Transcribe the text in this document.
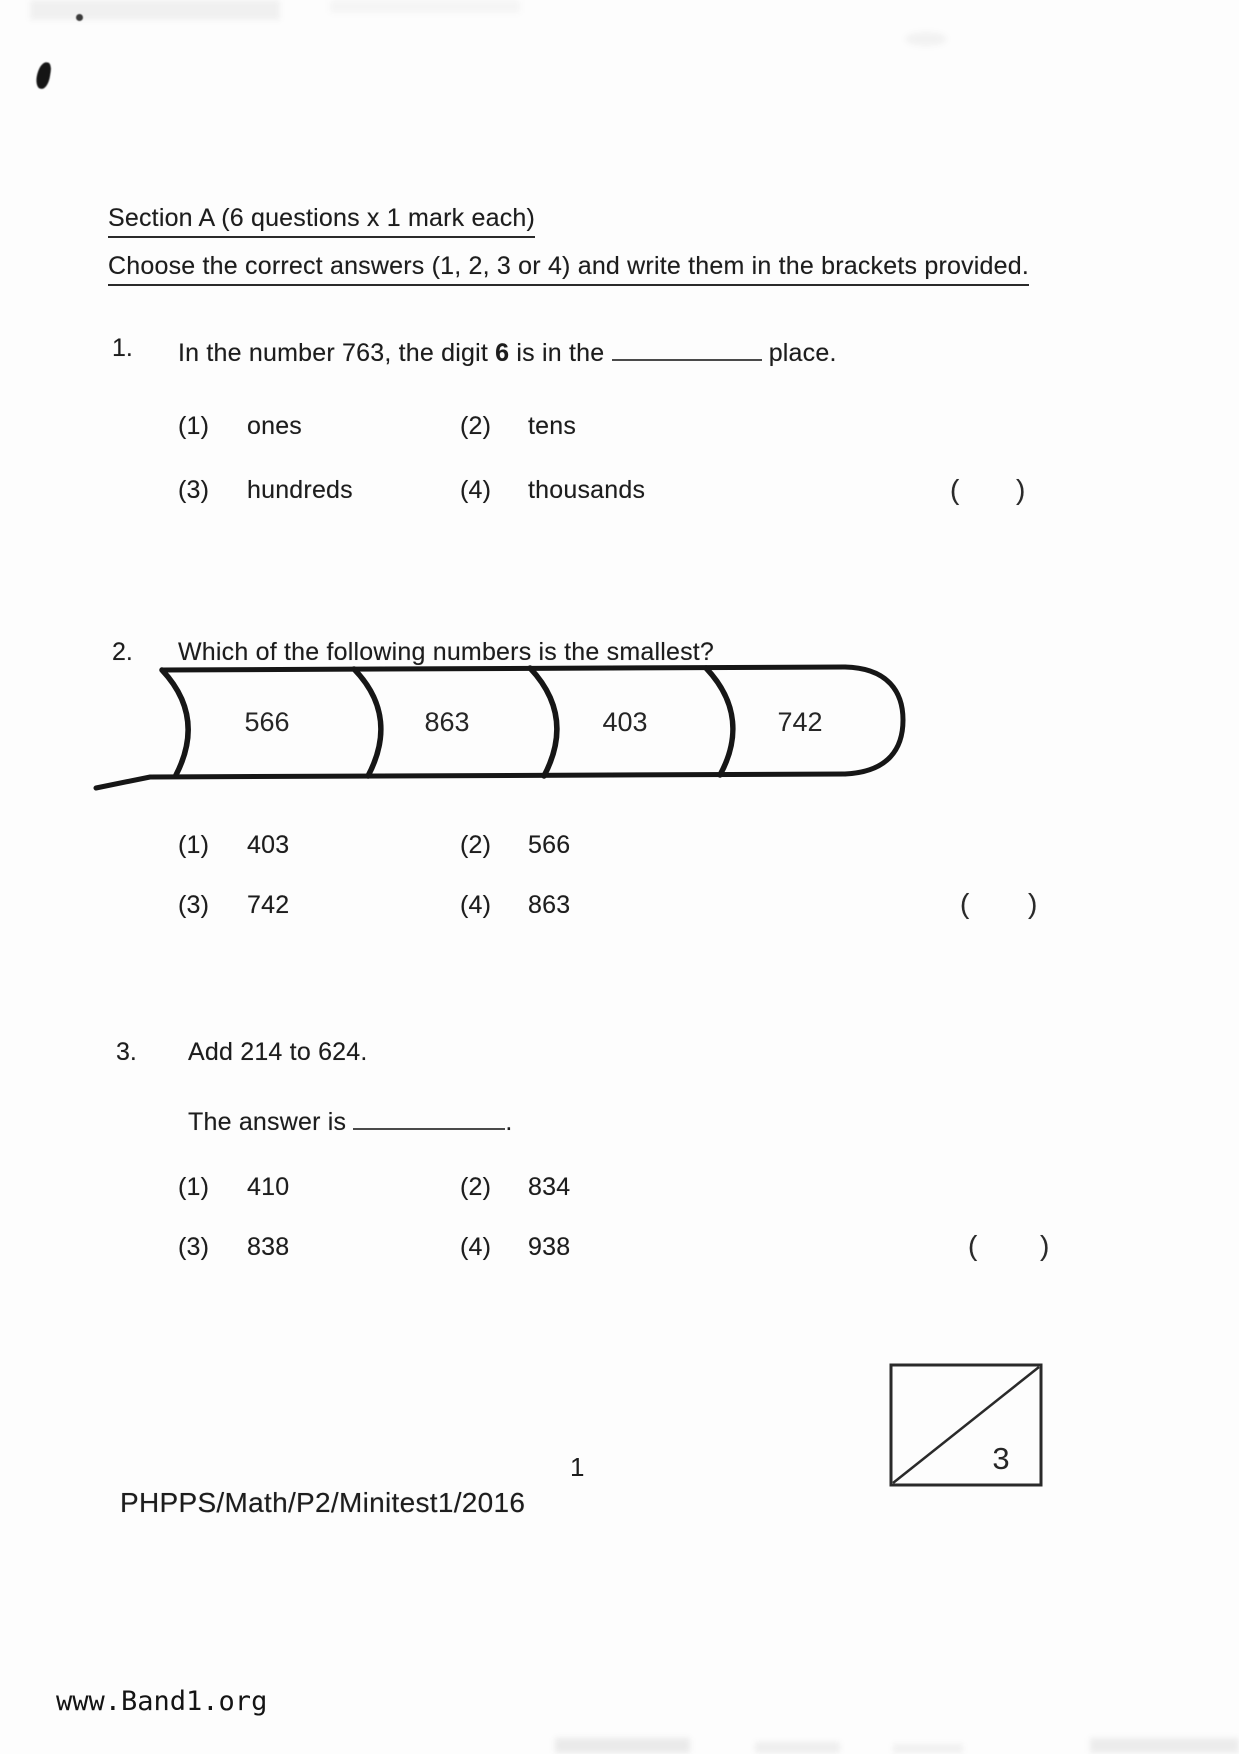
Section A (6 questions x 1 mark each)
Choose the correct answers (1, 2, 3 or 4) and write them in the brackets provided.
1. In the number 763, the digit 6 is in the	place.
(1) ones	(2) tens
(3) hundreds	(4) thousands	( )
2. Which of the following numbers is the smallest?
566	863	403	742
(1) 403	(2) 566
(3) 742	(4) 863	( )
3. Add 214 to 624.
The answer is	.
(1) 410	(2) 834
(3) 838	(4) 938	( )
3
1
PHPPS/Math/P2/Minitest1/2016
www.Band1.org
